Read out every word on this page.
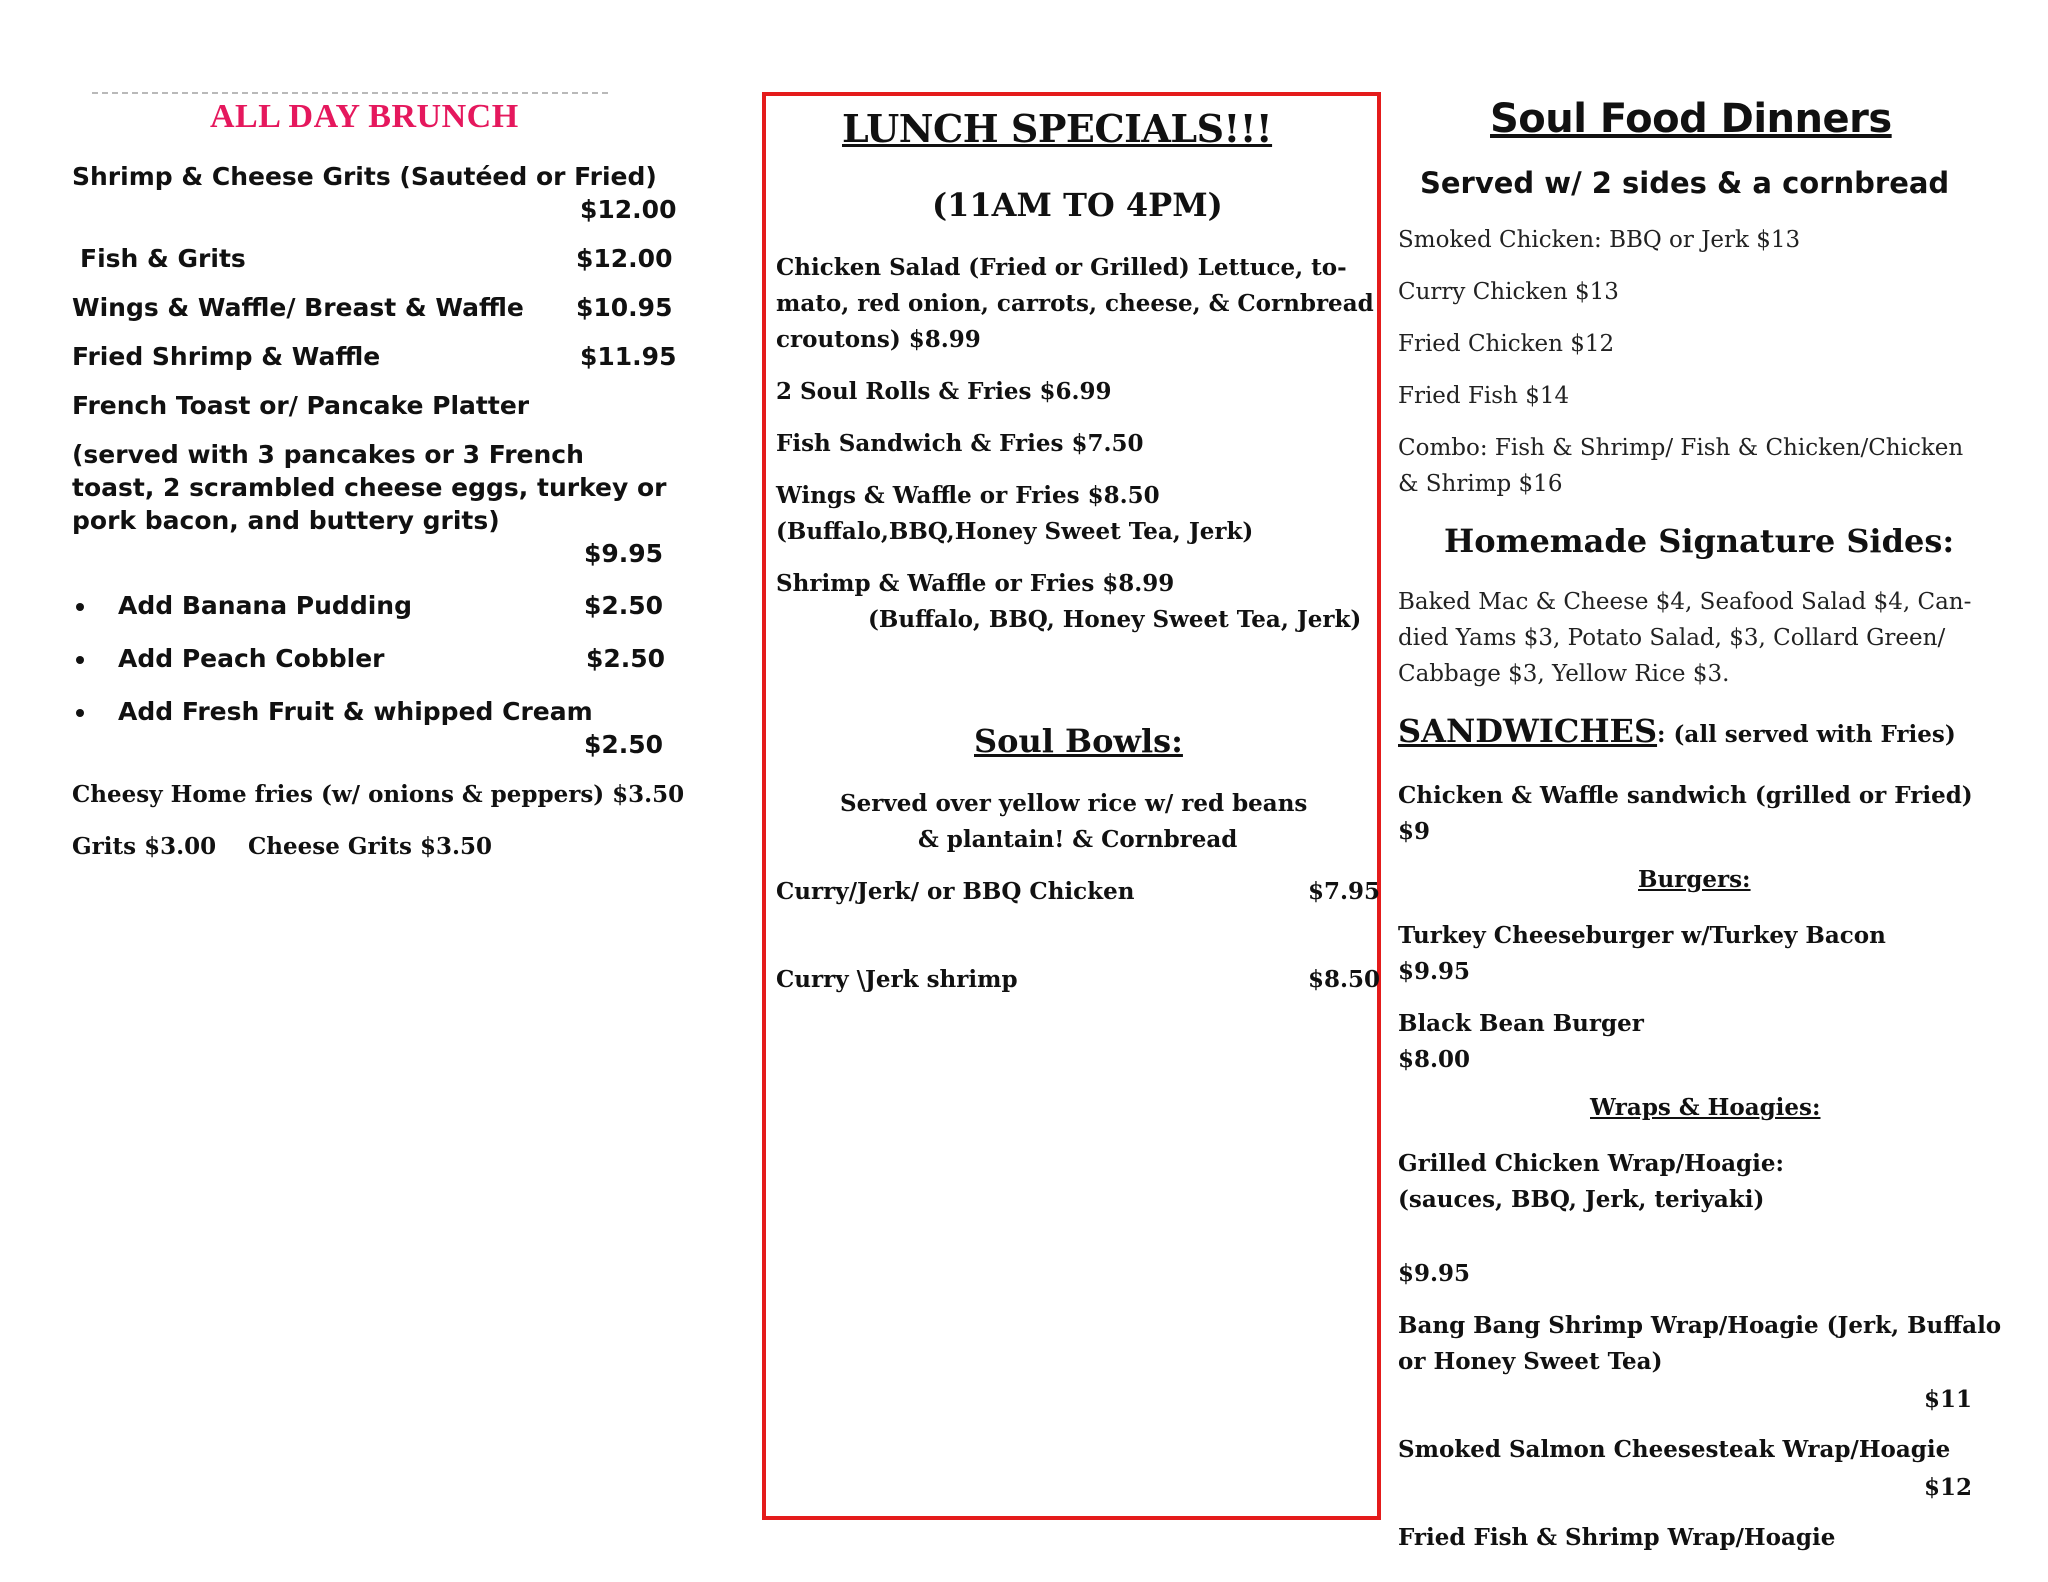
ALL DAY BRUNCH
Shrimp & Cheese Grits (Sautéed or Fried)
$12.00
Fish & Grits	$12.00
Wings & Waffle/ Breast & Waffle $10.95
Fried Shrimp & Waffle	$11.95
French Toast or/ Pancake Platter
(served with 3 pancakes or 3 French
toast, 2 scrambled cheese eggs, turkey or
pork bacon, and buttery grits)
$9.95
Add Banana Pudding	$2.50
Add Peach Cobbler	$2.50
Add Fresh Fruit & whipped Cream
$2.50
Cheesy Home fries (w/ onions & peppers) $3.50
Grits $3.00 Cheese Grits $3.50
LUNCH SPECIALS!!!
(11AM TO 4PM)
Chicken Salad (Fried or Grilled) Lettuce, to-
mato, red onion, carrots, cheese, & Cornbread
croutons) $8.99
2 Soul Rolls & Fries $6.99
Fish Sandwich & Fries $7.50
Wings & Waffle or Fries $8.50
(Buffalo,BBQ,Honey Sweet Tea, Jerk)
Shrimp & Waffle or Fries $8.99
(Buffalo, BBQ, Honey Sweet Tea, Jerk)
Soul Bowls:
Served over yellow rice w/ red beans
& plantain! & Cornbread
Curry/Jerk/ or BBQ Chicken	$7.95
Curry \Jerk shrimp	$8.50
Soul Food Dinners
Served w/ 2 sides & a cornbread
Smoked Chicken: BBQ or Jerk $13
Curry Chicken $13
Fried Chicken $12
Fried Fish $14
Combo: Fish & Shrimp/ Fish & Chicken/Chicken
& Shrimp $16
Homemade Signature Sides:
Baked Mac & Cheese $4, Seafood Salad $4, Can-
died Yams $3, Potato Salad, $3, Collard Green/
Cabbage $3, Yellow Rice $3.
SANDWICHES: (all served with Fries)
Chicken & Waffle sandwich (grilled or Fried)
$9
Burgers:
Turkey Cheeseburger w/Turkey Bacon
$9.95
Black Bean Burger
$8.00
Wraps & Hoagies:
Grilled Chicken Wrap/Hoagie:
(sauces, BBQ, Jerk, teriyaki)
$9.95
Bang Bang Shrimp Wrap/Hoagie (Jerk, Buffalo
or Honey Sweet Tea)
$11
Smoked Salmon Cheesesteak Wrap/Hoagie
$12
Fried Fish & Shrimp Wrap/Hoagie
